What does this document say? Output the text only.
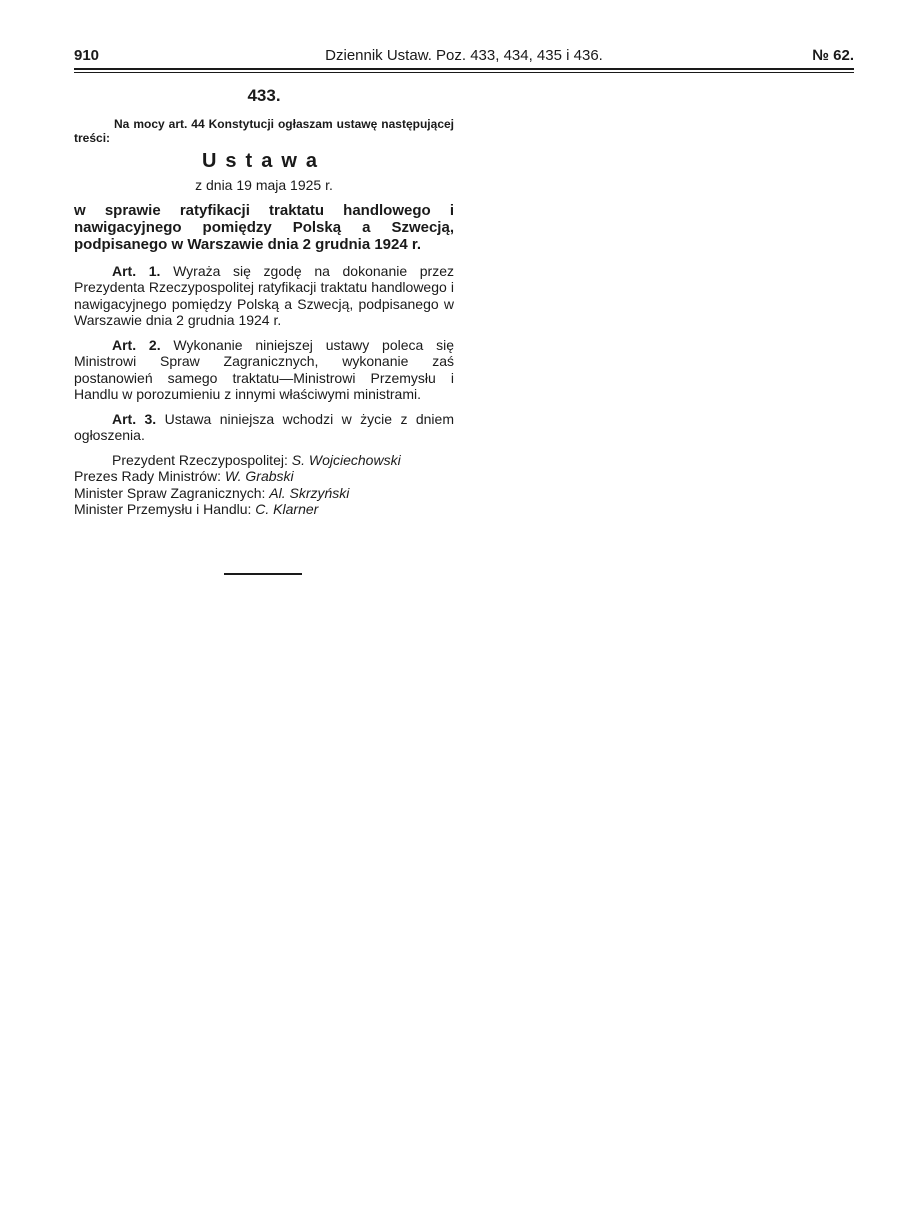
910	Dziennik Ustaw. Poz. 433, 434, 435 i 436.	№ 62.

433.

Na mocy art. 44 Konstytucji ogłaszam ustawę następującej treści:

Ustawa

z dnia 19 maja 1925 r.

w sprawie ratyfikacji traktatu handlowego i nawigacyjnego pomiędzy Polską a Szwecją, podpisanego w Warszawie dnia 2 grudnia 1924 r.

Art. 1. Wyraża się zgodę na dokonanie przez Prezydenta Rzeczypospolitej ratyfikacji traktatu handlowego i nawigacyjnego pomiędzy Polską a Szwecją, podpisanego w Warszawie dnia 2 grudnia 1924 r.

Art. 2. Wykonanie niniejszej ustawy poleca się Ministrowi Spraw Zagranicznych, wykonanie zaś postanowień samego traktatu—Ministrowi Przemysłu i Handlu w porozumieniu z innymi właściwymi ministrami.

Art. 3. Ustawa niniejsza wchodzi w życie z dniem ogłoszenia.

Prezydent Rzeczypospolitej: S. Wojciechowski

Prezes Rady Ministrów: W. Grabski

Minister Spraw Zagranicznych: Al. Skrzyński

Minister Przemysłu i Handlu: C. Klarner
